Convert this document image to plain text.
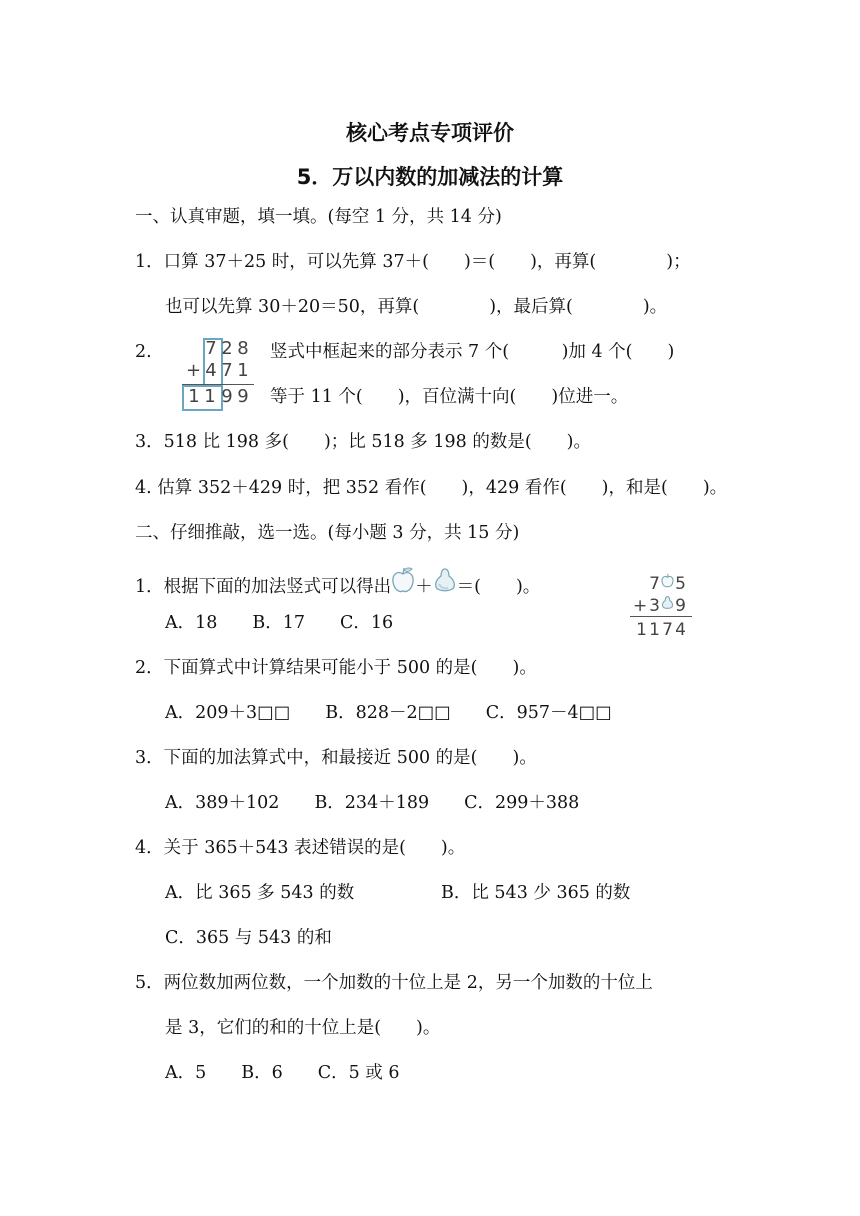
核心考点专项评价
5．万以内数的加减法的计算
一、认真审题，填一填。(每空 1 分，共 14 分)
1．口算 37＋25 时，可以先算 37＋(　　)＝(　　)，再算(　　　　)；
也可以先算 30＋20＝50，再算(　　　　)，最后算(　　　　)。
2.	7 2 8
+ 4 7 1
1 1 9 9
竖式中框起来的部分表示 7 个(　　　)加 4 个(　　)
等于 11 个(　　)，百位满十向(　　)位进一。
3．518 比 198 多(　　)；比 518 多 198 的数是(　　)。
4. 估算 352＋429 时，把 352 看作(　　)，429 看作(　　)，和是(　　)。
二、仔细推敲，选一选。(每小题 3 分，共 15 分)
1．根据下面的加法竖式可以得出 ＋ ＝(　　)。
A．18　　B．17　　C．16
7 5
+ 3 9
1 1 7 4
2．下面算式中计算结果可能小于 500 的是(　　)。
A．209＋3□□　　B．828－2□□　　C．957－4□□
3．下面的加法算式中，和最接近 500 的是(　　)。
A．389＋102　　B．234＋189　　C．299＋388
4．关于 365＋543 表述错误的是(　　)。
A．比 365 多 543 的数	B．比 543 少 365 的数
C．365 与 543 的和
5．两位数加两位数，一个加数的十位上是 2，另一个加数的十位上
是 3，它们的和的十位上是(　　)。
A．5　　B．6　　C．5 或 6
